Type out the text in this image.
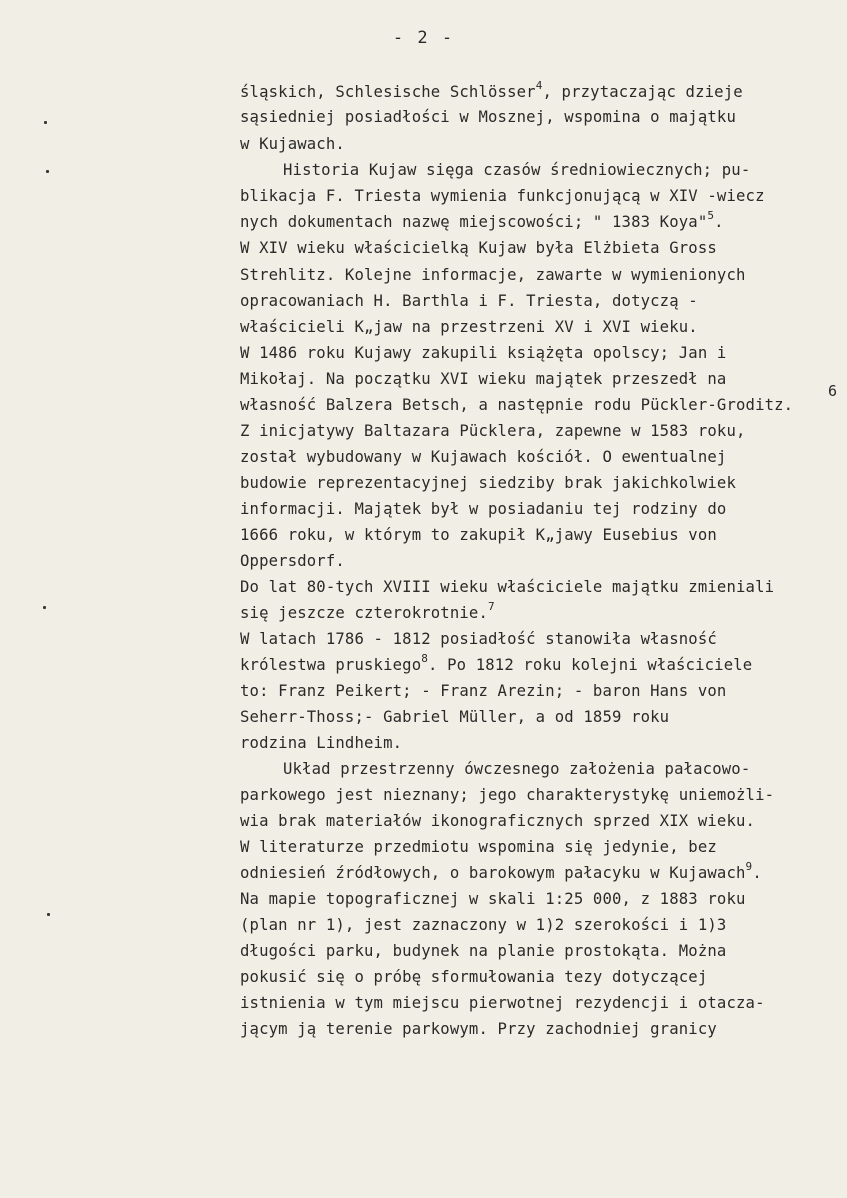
- 2 -
śląskich, Schlesische Schlösser$^4$, przytaczając dzieje
sąsiedniej posiadłości w Mosznej, wspomina o majątku
w Kujawach.
Historia Kujaw sięga czasów średniowiecznych; pu-
blikacja F. Triesta wymienia funkcjonującą w XIV -wiecz
nych dokumentach nazwę miejscowości; " 1383 Koya"$^5$.
W XIV wieku właścicielką Kujaw była Elżbieta Gross
Strehlitz. Kolejne informacje, zawarte w wymienionych
opracowaniach H. Barthla i F. Triesta, dotyczą -
właścicieli K„jaw na przestrzeni XV i XVI wieku.
W 1486 roku Kujawy zakupili książęta opolscy; Jan i
Mikołaj. Na początku XVI wieku majątek przeszedł na
własność Balzera Betsch, a następnie rodu Pückler-Groditz.
Z inicjatywy Baltazara Pücklera, zapewne w 1583 roku,
został wybudowany w Kujawach kościół. O ewentualnej
budowie reprezentacyjnej siedziby brak jakichkolwiek
informacji. Majątek był w posiadaniu tej rodziny do
1666 roku, w którym to zakupił K„jawy Eusebius von
Oppersdorf.
Do lat 80-tych XVIII wieku właściciele majątku zmieniali
się jeszcze czterokrotnie.$^7$
W latach 1786 - 1812 posiadłość stanowiła własność
królestwa pruskiego$^8$. Po 1812 roku kolejni właściciele
to: Franz Peikert; - Franz Arezin; - baron Hans von
Seherr-Thoss;- Gabriel Müller, a od 1859 roku
rodzina Lindheim.
Układ przestrzenny ówczesnego założenia pałacowo-
parkowego jest nieznany; jego charakterystykę uniemożli-
wia brak materiałów ikonograficznych sprzed XIX wieku.
W literaturze przedmiotu wspomina się jedynie, bez
odniesień źródłowych, o barokowym pałacyku w Kujawach$^9$.
Na mapie topograficznej w skali 1:25 000, z 1883 roku
(plan nr 1), jest zaznaczony w 1)2 szerokości i 1)3
długości parku, budynek na planie prostokąta. Można
pokusić się o próbę sformułowania tezy dotyczącej
istnienia w tym miejscu pierwotnej rezydencji i otacza-
jącym ją terenie parkowym. Przy zachodniej granicy
6
